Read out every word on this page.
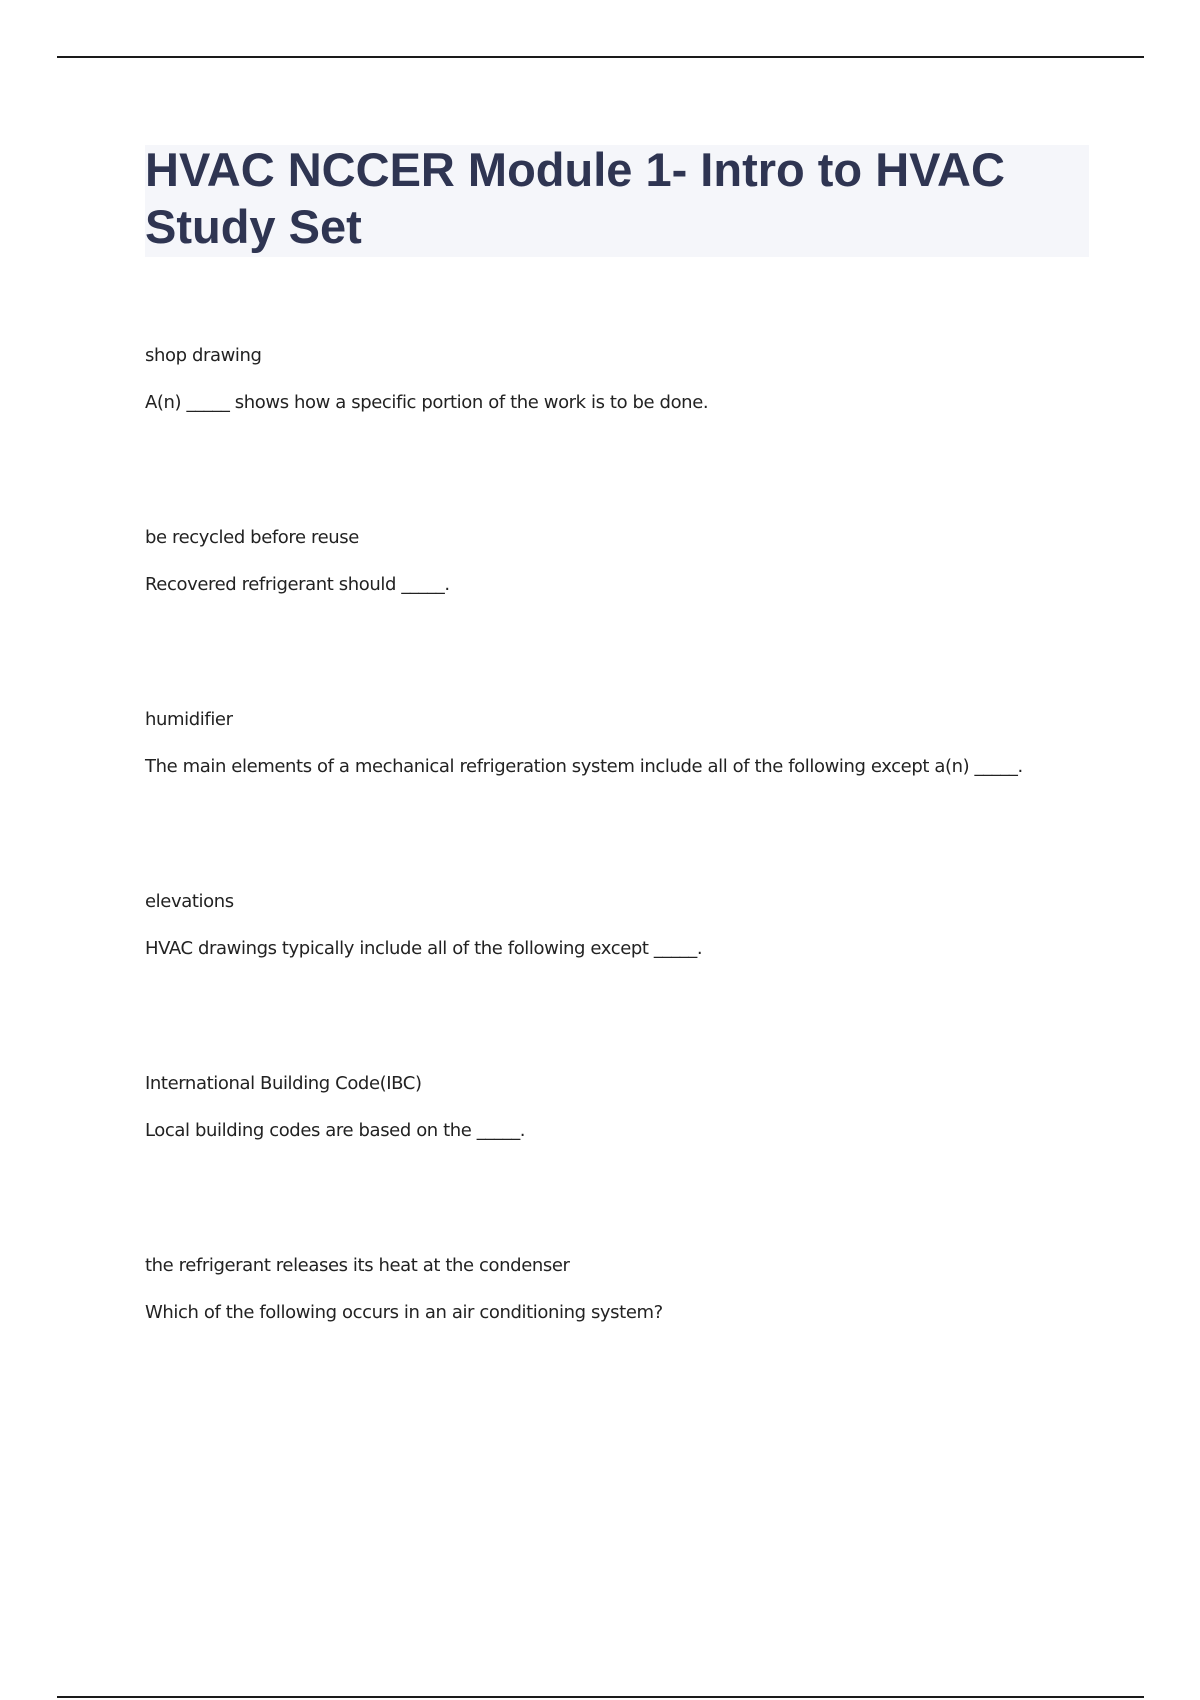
HVAC NCCER Module 1- Intro to HVAC Study Set

shop drawing

A(n) _____ shows how a specific portion of the work is to be done.

be recycled before reuse

Recovered refrigerant should _____.

humidifier

The main elements of a mechanical refrigeration system include all of the following except a(n) _____.

elevations

HVAC drawings typically include all of the following except _____.

International Building Code(IBC)

Local building codes are based on the _____.

the refrigerant releases its heat at the condenser

Which of the following occurs in an air conditioning system?
